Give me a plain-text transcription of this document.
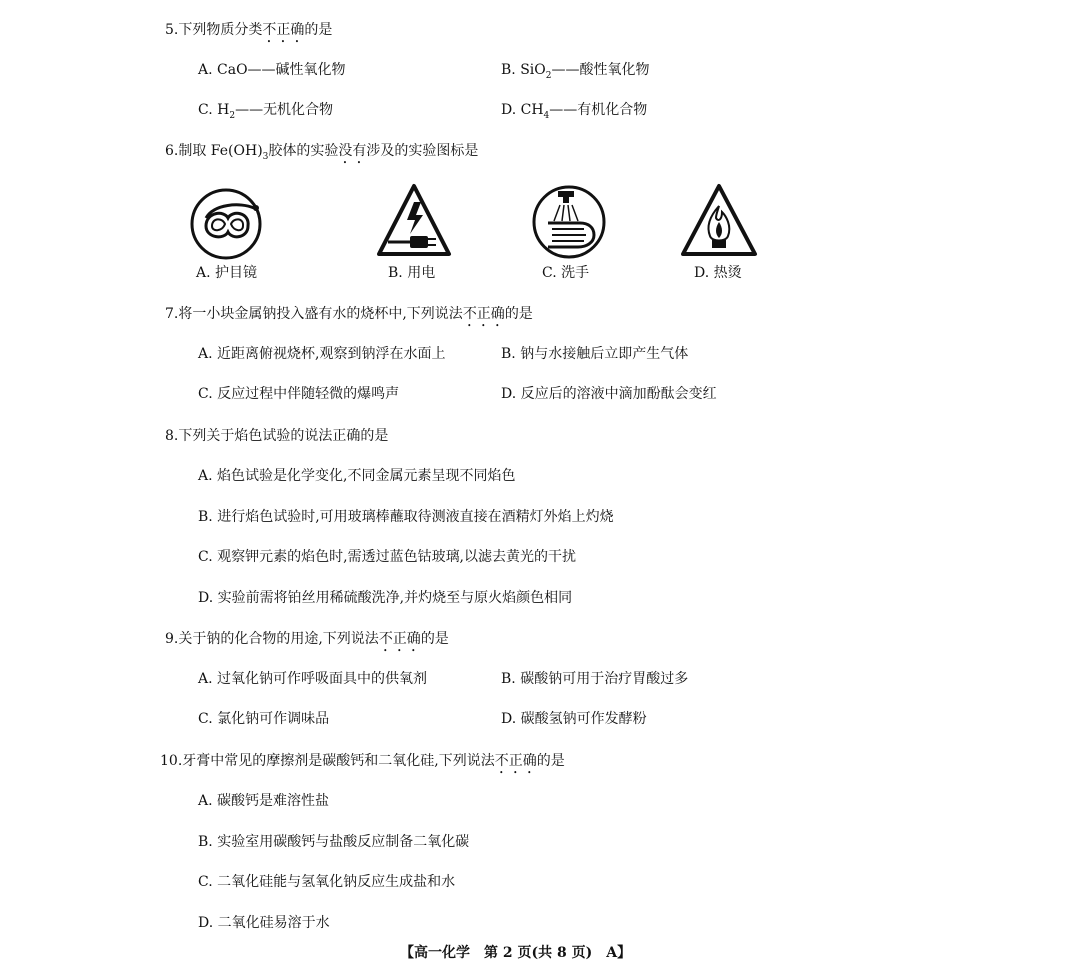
5.下列物质分类不正确的是
A. CaO——碱性氧化物	B. SiO$_2$——酸性氧化物
C. $H_2——$无机化合物	D. $CH_4——$有机化合物
6.制取 $Fe(OH)_3$胶体的实验没有涉及的实验图标是
A. 护目镜	B. 用电	C. 洗手	D. 热烫
7.将一小块金属钠投入盛有水的烧杯中,下列说法不正确的是
A. 近距离俯视烧杯,观察到钠浮在水面上	B. 钠与水接触后立即产生气体
C. 反应过程中伴随轻微的爆鸣声	D. 反应后的溶液中滴加酚酞会变红
8.下列关于焰色试验的说法正确的是
A. 焰色试验是化学变化,不同金属元素呈现不同焰色
B. 进行焰色试验时,可用玻璃棒蘸取待测液直接在酒精灯外焰上灼烧
C. 观察钾元素的焰色时,需透过蓝色钴玻璃,以滤去黄光的干扰
D. 实验前需将铂丝用稀硫酸洗净,并灼烧至与原火焰颜色相同
9.关于钠的化合物的用途,下列说法不正确的是
A. 过氧化钠可作呼吸面具中的供氧剂	B. 碳酸钠可用于治疗胃酸过多
C. 氯化钠可作调味品	D. 碳酸氢钠可作发酵粉
10.牙膏中常见的摩擦剂是碳酸钙和二氧化硅,下列说法不正确的是
A. 碳酸钙是难溶性盐
B. 实验室用碳酸钙与盐酸反应制备二氧化碳
C. 二氧化硅能与氢氧化钠反应生成盐和水
D. 二氧化硅易溶于水
【高一化学　第 2 页(共 8 页)　A】
